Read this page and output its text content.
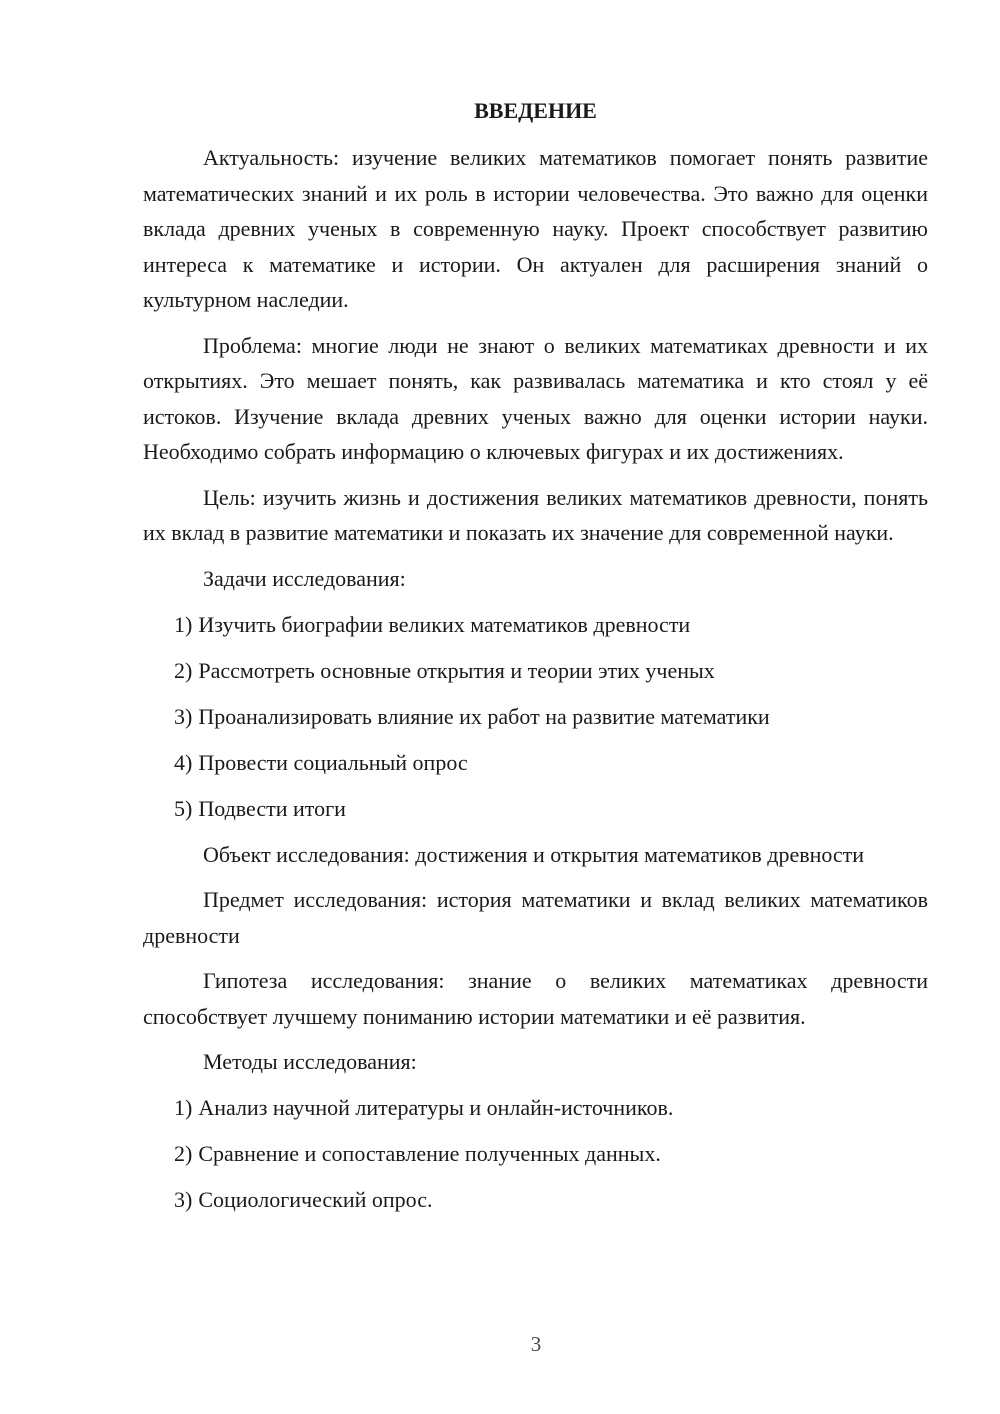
ВВЕДЕНИЕ

Актуальность: изучение великих математиков помогает понять развитие математических знаний и их роль в истории человечества. Это важно для оценки вклада древних ученых в современную науку. Проект способствует развитию интереса к математике и истории. Он актуален для расширения знаний о культурном наследии.

Проблема: многие люди не знают о великих математиках древности и их открытиях. Это мешает понять, как развивалась математика и кто стоял у её истоков. Изучение вклада древних ученых важно для оценки истории науки. Необходимо собрать информацию о ключевых фигурах и их достижениях.

Цель: изучить жизнь и достижения великих математиков древности, понять их вклад в развитие математики и показать их значение для современной науки.

Задачи исследования:

1) Изучить биографии великих математиков древности

2) Рассмотреть основные открытия и теории этих ученых

3) Проанализировать влияние их работ на развитие математики

4) Провести социальный опрос

5) Подвести итоги

Объект исследования: достижения и открытия математиков древности

Предмет исследования: история математики и вклад великих математиков древности

Гипотеза исследования: знание о великих математиках древности способствует лучшему пониманию истории математики и её развития.

Методы исследования:

1) Анализ научной литературы и онлайн-источников.

2) Сравнение и сопоставление полученных данных.

3) Социологический опрос.

3
